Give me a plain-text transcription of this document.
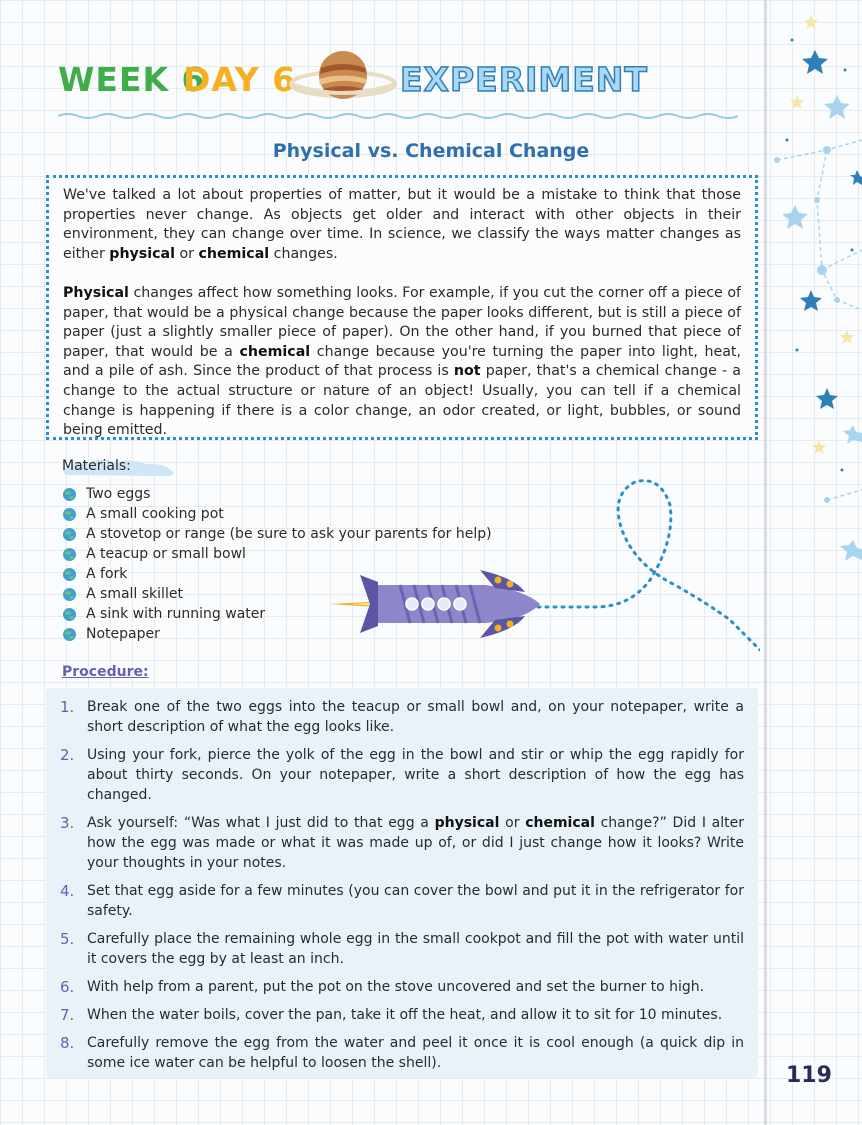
WEEK 6
DAY 6	EXPERIMENT
Physical vs. Chemical Change

We've talked a lot about properties of matter, but it would be a mistake to think that those properties never change. As objects get older and interact with other objects in their environment, they can change over time. In science, we classify the ways matter changes as either physical or chemical changes.

Physical changes affect how something looks. For example, if you cut the corner off a piece of paper, that would be a physical change because the paper looks different, but is still a piece of paper (just a slightly smaller piece of paper). On the other hand, if you burned that piece of paper, that would be a chemical change because you're turning the paper into light, heat, and a pile of ash. Since the product of that process is not paper, that's a chemical change - a change to the actual structure or nature of an object! Usually, you can tell if a chemical change is happening if there is a color change, an odor created, or light, bubbles, or sound being emitted.

Materials:
Two eggs
A small cooking pot
A stovetop or range (be sure to ask your parents for help)
A teacup or small bowl
A fork
A small skillet
A sink with running water
Notepaper
Procedure:
1. Break one of the two eggs into the teacup or small bowl and, on your notepaper, write a short description of what the egg looks like.
2. Using your fork, pierce the yolk of the egg in the bowl and stir or whip the egg rapidly for about thirty seconds. On your notepaper, write a short description of how the egg has changed.
3. Ask yourself: “Was what I just did to that egg a physical or chemical change?” Did I alter how the egg was made or what it was made up of, or did I just change how it looks? Write your thoughts in your notes.
4. Set that egg aside for a few minutes (you can cover the bowl and put it in the refrigerator for safety.
5. Carefully place the remaining whole egg in the small cookpot and fill the pot with water until it covers the egg by at least an inch.
6. With help from a parent, put the pot on the stove uncovered and set the burner to high.
7. When the water boils, cover the pan, take it off the heat, and allow it to sit for 10 minutes.
8. Carefully remove the egg from the water and peel it once it is cool enough (a quick dip in some ice water can be helpful to loosen the shell).	119
